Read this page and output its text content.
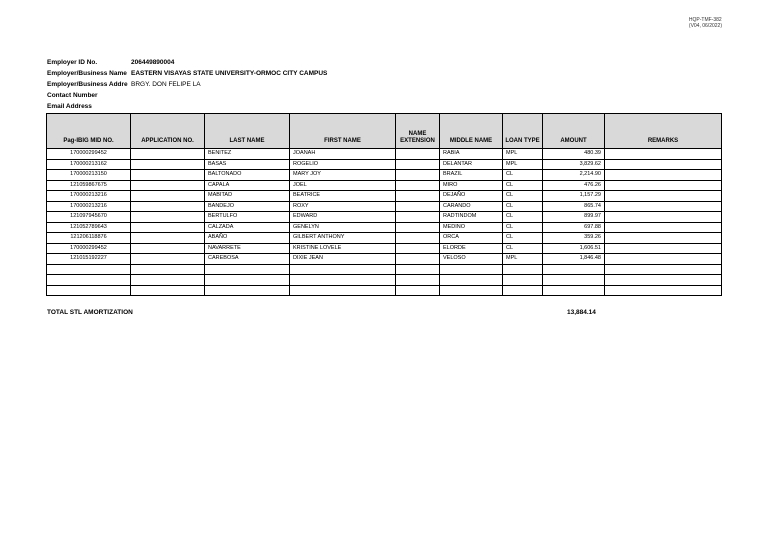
HQP-TMF-382
(V04, 06/2022)
Employer ID No.	206449890004
Employer/Business Name EASTERN VISAYAS STATE UNIVERSITY-ORMOC CITY CAMPUS
Employer/Business Addre BRGY. DON FELIPE LA
Contact Number
Email Address
Pag-IBIG MID NO.	APPLICATION NO.	LAST NAME	FIRST NAME	NAME EXTENSION	MIDDLE NAME	LOAN TYPE	AMOUNT	REMARKS
170000299452		BENITEZ	JOANAH		RABIA	MPL	480.39	
170000213162		BASAS	ROGELIO		DELANTAR	MPL	3,829.62	
170000213150		BALTONADO	MARY JOY		BRAZIL	CL	2,214.90	
121059867675		CAPALA	JOEL		MIRO	CL	476.26	
170000213216		MABITAD	BEATRICE		DEJAÑO	CL	1,157.29	
170000213216		BANDEJO	ROXY		CARANDO	CL	865.74	
121097945670		BERTULFO	EDWARD		RADTINDOM	CL	899.97	
121052789643		CALZADA	GENELYN		MEDINO	CL	697.88	
121206118876		ABAÑO	GILBERT ANTHONY		ORCA	CL	359.26	
170000299452		NAVARRETE	KRISTINE LOVELE		ELORDE	CL	1,606.51	
121015192227		CAREBOSA	DIXIE JEAN		VELOSO	MPL	1,846.48	

TOTAL STL AMORTIZATION	13,884.14
